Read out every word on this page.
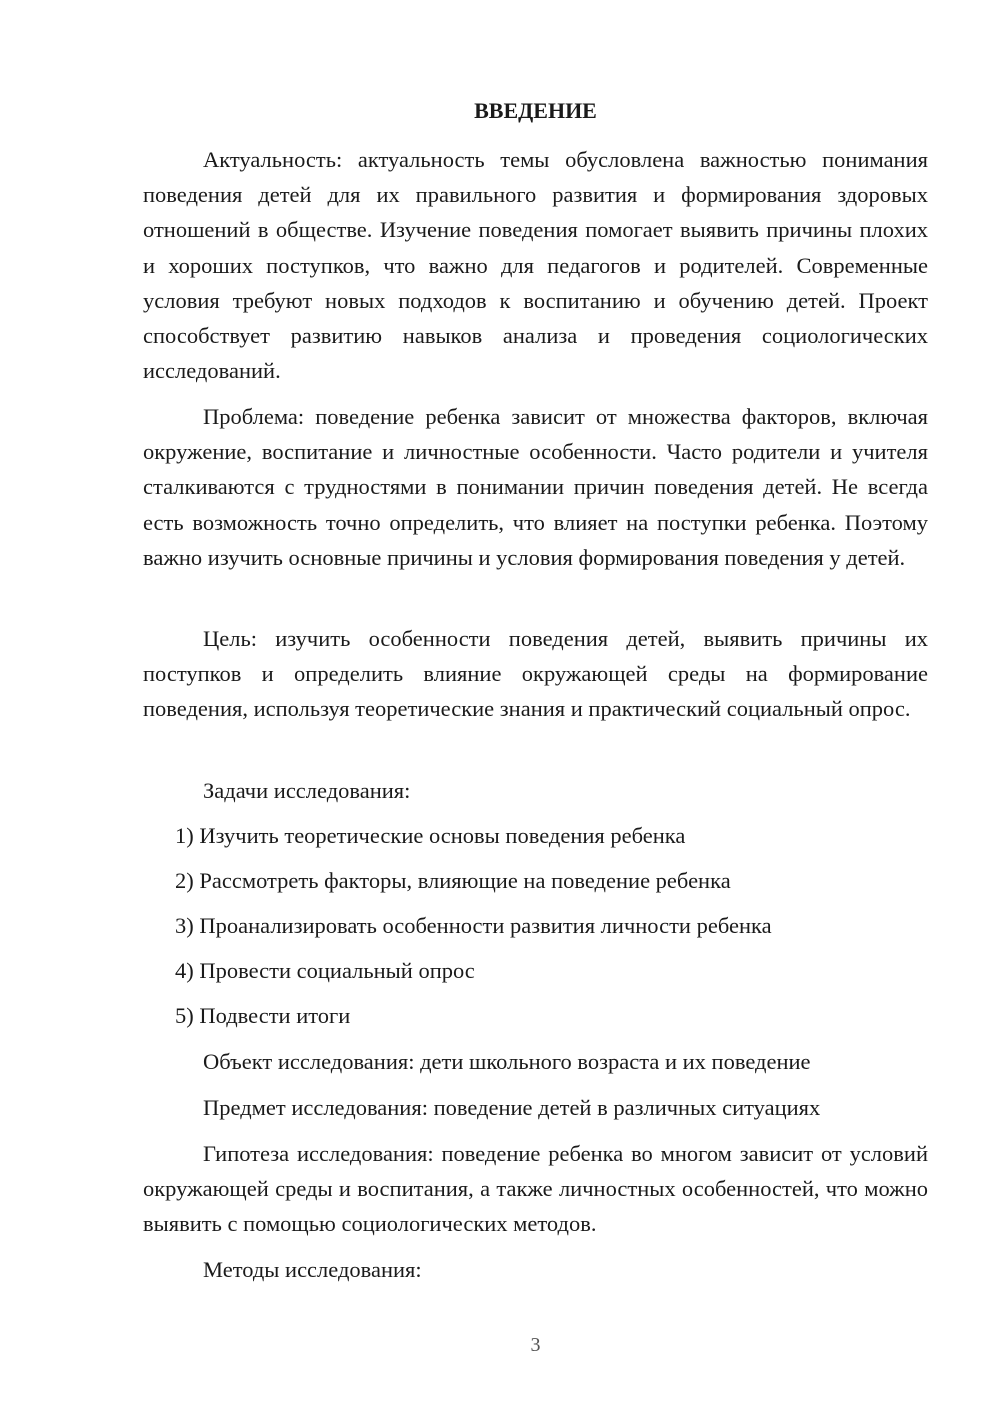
ВВЕДЕНИЕ

Актуальность: актуальность темы обусловлена важностью понимания поведения детей для их правильного развития и формирования здоровых отношений в обществе. Изучение поведения помогает выявить причины плохих и хороших поступков, что важно для педагогов и родителей. Современные условия требуют новых подходов к воспитанию и обучению детей. Проект способствует развитию навыков анализа и проведения социологических исследований.

Проблема: поведение ребенка зависит от множества факторов, включая окружение, воспитание и личностные особенности. Часто родители и учителя сталкиваются с трудностями в понимании причин поведения детей. Не всегда есть возможность точно определить, что влияет на поступки ребенка. Поэтому важно изучить основные причины и условия формирования поведения у детей.

Цель: изучить особенности поведения детей, выявить причины их поступков и определить влияние окружающей среды на формирование поведения, используя теоретические знания и практический социальный опрос.

Задачи исследования:

1) Изучить теоретические основы поведения ребенка

2) Рассмотреть факторы, влияющие на поведение ребенка

3) Проанализировать особенности развития личности ребенка

4) Провести социальный опрос

5) Подвести итоги

Объект исследования: дети школьного возраста и их поведение

Предмет исследования: поведение детей в различных ситуациях

Гипотеза исследования: поведение ребенка во многом зависит от условий окружающей среды и воспитания, а также личностных особенностей, что можно выявить с помощью социологических методов.

Методы исследования:

3
